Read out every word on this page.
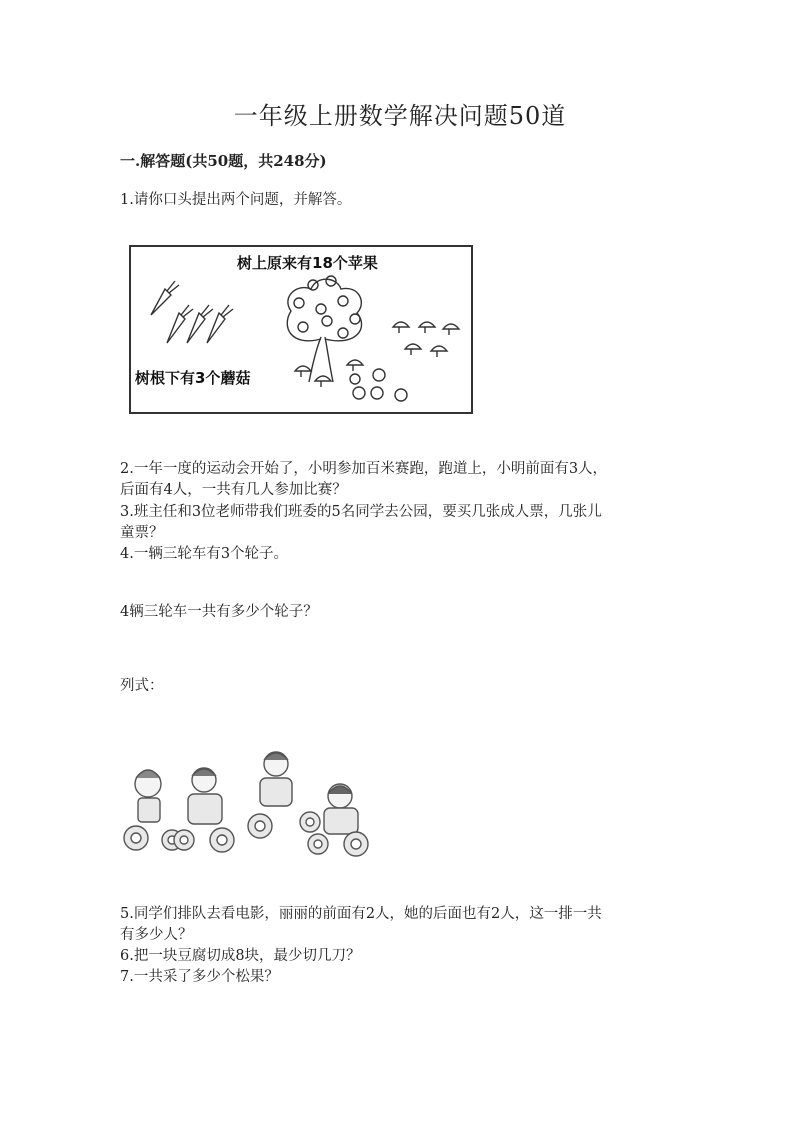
一年级上册数学解决问题50道
一.解答题(共50题，共248分)
1.请你口头提出两个问题，并解答。
树上原来有18个苹果
树根下有3个蘑菇
2.一年一度的运动会开始了，小明参加百米赛跑，跑道上，小明前面有3人，
后面有4人，一共有几人参加比赛？
3.班主任和3位老师带我们班委的5名同学去公园，要买几张成人票，几张儿
童票？
4.一辆三轮车有3个轮子。
4辆三轮车一共有多少个轮子？
列式：
5.同学们排队去看电影，丽丽的前面有2人，她的后面也有2人，这一排一共
有多少人？
6.把一块豆腐切成8块，最少切几刀？
7.一共采了多少个松果？
